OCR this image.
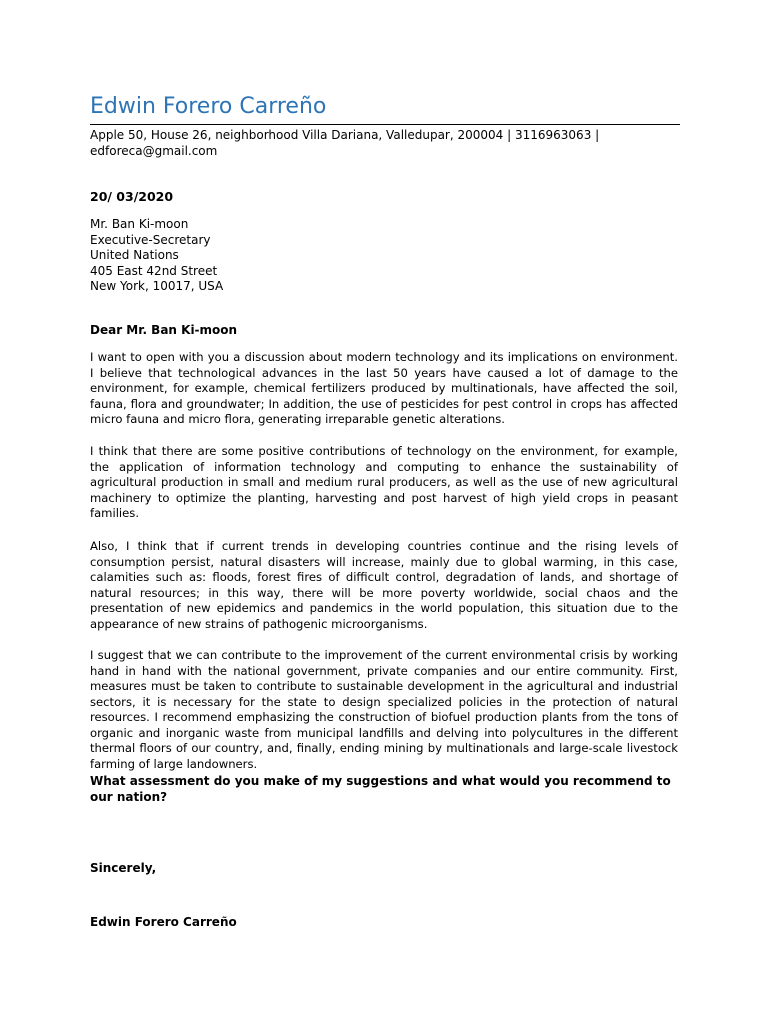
Edwin Forero Carreño
Apple 50, House 26, neighborhood Villa Dariana, Valledupar, 200004 | 3116963063 |
edforeca@gmail.com
20/ 03/2020
Mr. Ban Ki-moon
Executive-Secretary
United Nations
405 East 42nd Street
New York, 10017, USA
Dear Mr. Ban Ki-moon
I want to open with you a discussion about modern technology and its implications on environment. I believe that technological advances in the last 50 years have caused a lot of damage to the environment, for example, chemical fertilizers produced by multinationals, have affected the soil, fauna, flora and groundwater; In addition, the use of pesticides for pest control in crops has affected micro fauna and micro flora, generating irreparable genetic alterations.
I think that there are some positive contributions of technology on the environment, for example, the application of information technology and computing to enhance the sustainability of agricultural production in small and medium rural producers, as well as the use of new agricultural machinery to optimize the planting, harvesting and post harvest of high yield crops in peasant families.
Also, I think that if current trends in developing countries continue and the rising levels of consumption persist, natural disasters will increase, mainly due to global warming, in this case, calamities such as: floods, forest fires of difficult control, degradation of lands, and shortage of natural resources; in this way, there will be more poverty worldwide, social chaos and the presentation of new epidemics and pandemics in the world population, this situation due to the appearance of new strains of pathogenic microorganisms.
I suggest that we can contribute to the improvement of the current environmental crisis by working hand in hand with the national government, private companies and our entire community. First, measures must be taken to contribute to sustainable development in the agricultural and industrial sectors, it is necessary for the state to design specialized policies in the protection of natural resources. I recommend emphasizing the construction of biofuel production plants from the tons of organic and inorganic waste from municipal landfills and delving into polycultures in the different thermal floors of our country, and, finally, ending mining by multinationals and large-scale livestock farming of large landowners.
What assessment do you make of my suggestions and what would you recommend to our nation?
Sincerely,
Edwin Forero Carreño
